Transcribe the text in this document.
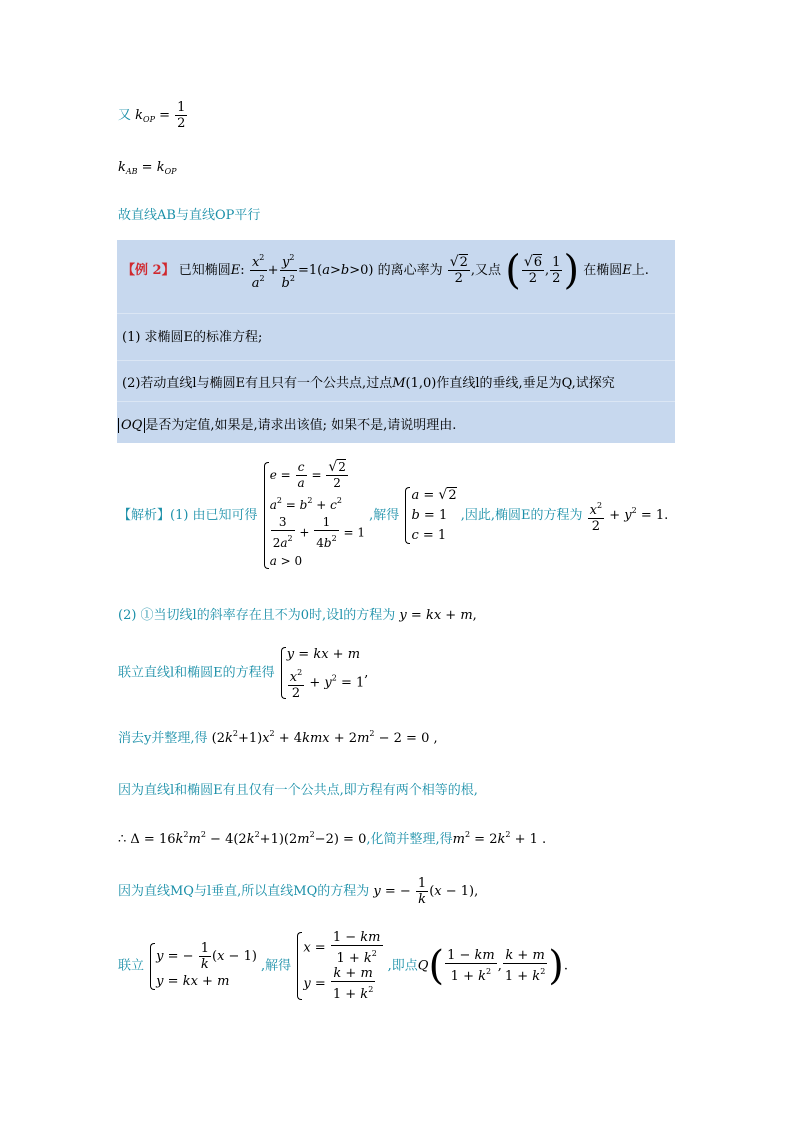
又 $k_{OP} = \frac{1}{2}$
$k_{AB} = k_{OP}$
故直线AB与直线OP平行
【例 2】 已知椭圆E: $\frac{x^2}{a^2} + \frac{y^2}{b^2} =1(a>b>0)$ 的离心率为 $\frac{√2}{2}$ ,又点 ( $\frac{√6}{2}$ , $\frac{1}{2}$ ) 在椭圆E上.
(1) 求椭圆E的标准方程;
(2)若动直线l与椭圆E有且只有一个公共点,过点M(1,0)作直线l的垂线,垂足为Q,试探究
OQ 是否为定值,如果是,请求出该值; 如果不是,请说明理由.
【解析】(1) 由已知可得
$e = \frac{c}{a} = \frac{√2}{2}$
$a^2 = b^2 + c^2$
$\frac{3}{2a^2} + \frac{1}{4b^2} = 1$
a > 0
,解得
a = √2
b = 1
c = 1
,因此,椭圆E的方程为 $\frac{x^2}{2} + y^2 = 1$.
(2) ①当切线l的斜率存在且不为0时,设l的方程为 y = kx + m,
联立直线l和椭圆E的方程得
y = kx + m
$\frac{x^2}{2} + y^2 = 1$
,
消去y并整理,得 $(2k^2+1)x^2 + 4kmx + 2m^2 - 2 = 0$ ,
因为直线l和椭圆E有且仅有一个公共点,即方程有两个相等的根,
∴ $\Delta = 16k^2m^2 - 4(2k^2+1)(2m^2-2) = 0$,化简并整理,得$m^2 = 2k^2 + 1$ .
因为直线MQ与l垂直,所以直线MQ的方程为 y = − $\frac{1}{k} (x - 1)$,
联立
y = − $\frac{1}{k} (x - 1)$
y = kx + m
,解得
$x = \frac{1 - km}{1 + k^2}$
$y = \frac{k + m}{1 + k^2}$ ,即点$Q( \frac{1 - km}{1 + k^2}$ , $\frac{k + m}{1 + k^2}$ ).
